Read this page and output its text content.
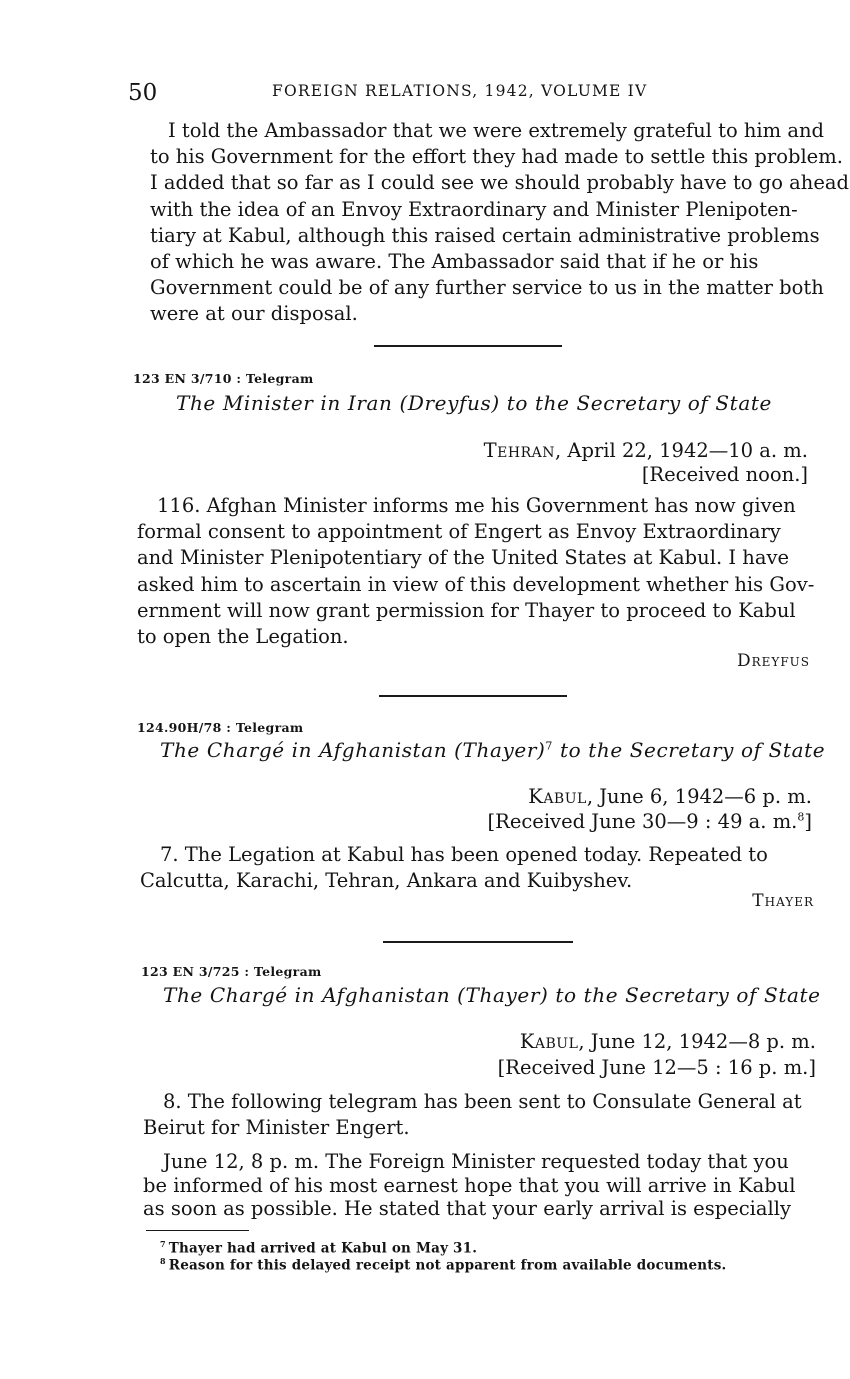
50	FOREIGN RELATIONS, 1942, VOLUME IV
I told the Ambassador that we were extremely grateful to him and
to his Government for the effort they had made to settle this problem.
I added that so far as I could see we should probably have to go ahead
with the idea of an Envoy Extraordinary and Minister Plenipoten-
tiary at Kabul, although this raised certain administrative problems
of which he was aware. The Ambassador said that if he or his
Government could be of any further service to us in the matter both
were at our disposal.
123 EN 3/710 : Telegram
The Minister in Iran (Dreyfus) to the Secretary of State
Tehran, April 22, 1942—10 a. m.
[Received noon.]
116. Afghan Minister informs me his Government has now given
formal consent to appointment of Engert as Envoy Extraordinary
and Minister Plenipotentiary of the United States at Kabul. I have
asked him to ascertain in view of this development whether his Gov-
ernment will now grant permission for Thayer to proceed to Kabul
to open the Legation.
Dreyfus
124.90H/78 : Telegram
The Chargé in Afghanistan (Thayer)$^7$ to the Secretary of State
Kabul, June 6, 1942—6 p. m.
[Received June 30—9 : 49 a. m.$^8$]
7. The Legation at Kabul has been opened today. Repeated to
Calcutta, Karachi, Tehran, Ankara and Kuibyshev.
Thayer
123 EN 3/725 : Telegram
The Chargé in Afghanistan (Thayer) to the Secretary of State
Kabul, June 12, 1942—8 p. m.
[Received June 12—5 : 16 p. m.]
8. The following telegram has been sent to Consulate General at
Beirut for Minister Engert.
June 12, 8 p. m. The Foreign Minister requested today that you
be informed of his most earnest hope that you will arrive in Kabul
as soon as possible. He stated that your early arrival is especially
$^7$ Thayer had arrived at Kabul on May 31.
$^8$ Reason for this delayed receipt not apparent from available documents.
